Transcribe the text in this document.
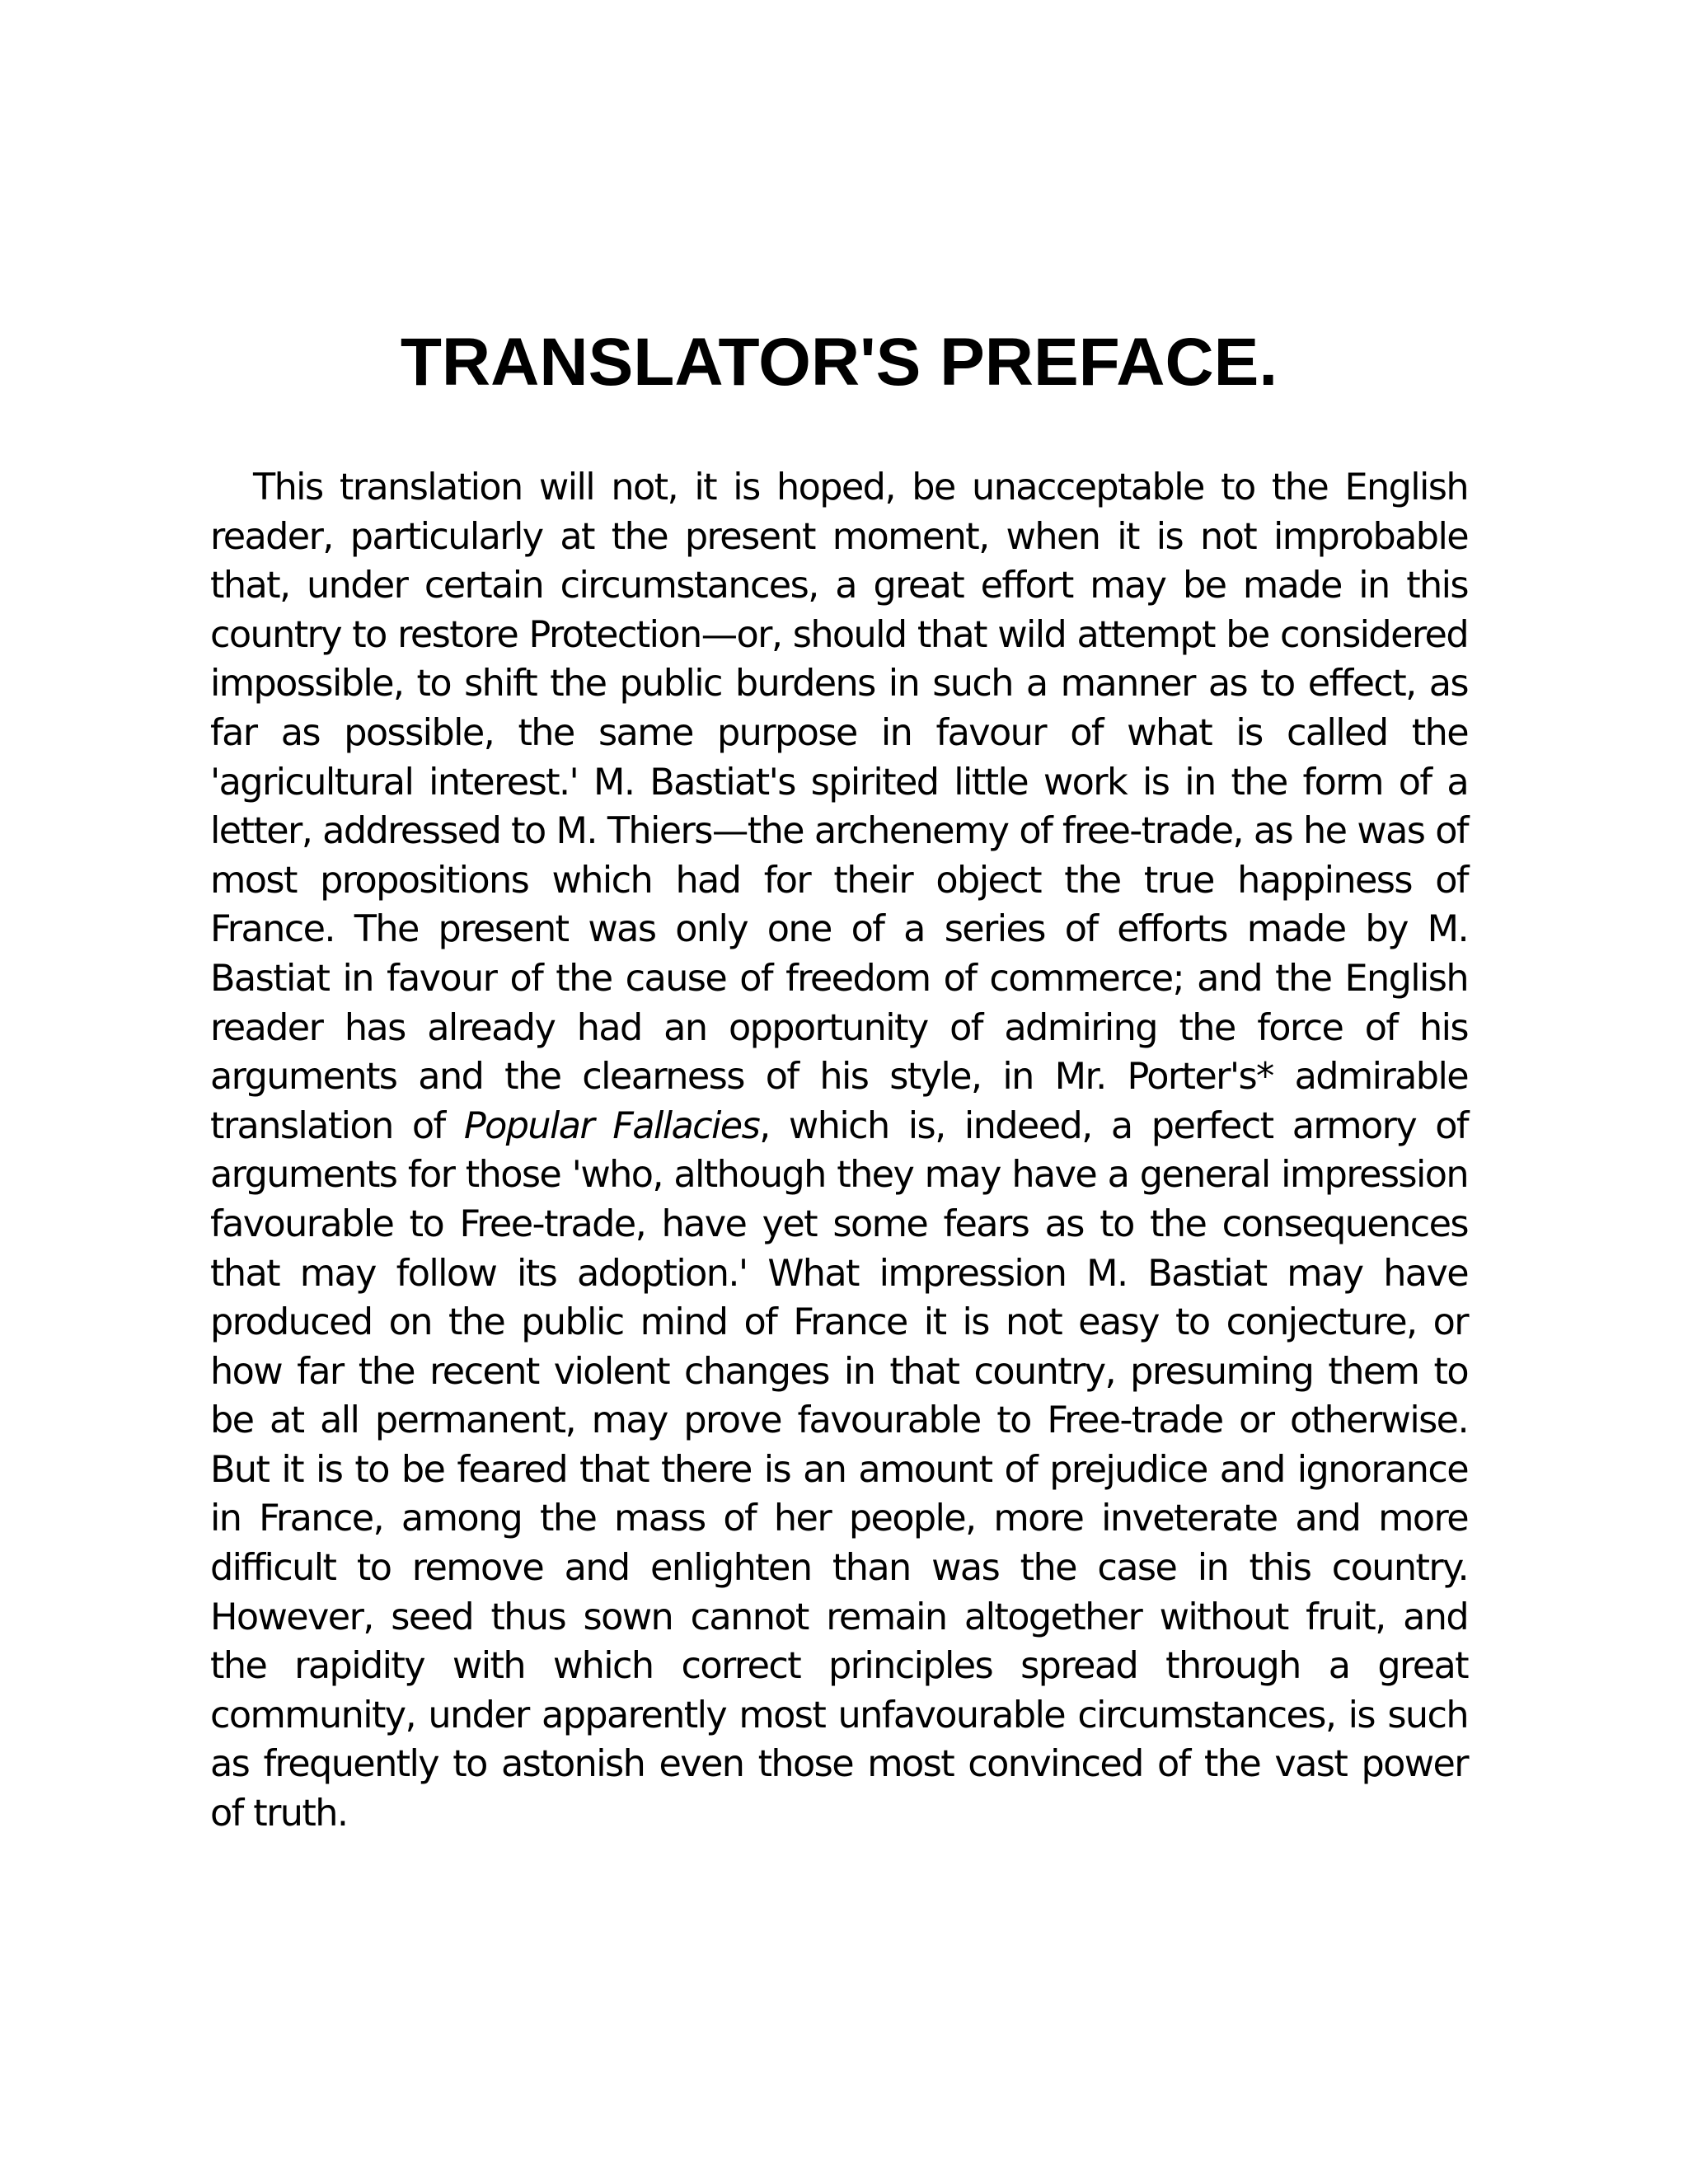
TRANSLATOR'S PREFACE.

This translation will not, it is hoped, be unacceptable to the English reader, particularly at the present moment, when it is not improbable that, under certain circumstances, a great effort may be made in this country to restore Protection—or, should that wild attempt be considered impossible, to shift the public burdens in such a manner as to effect, as far as possible, the same purpose in favour of what is called the 'agricultural interest.' M. Bastiat's spirited little work is in the form of a letter, addressed to M. Thiers—the archenemy of free-trade, as he was of most propositions which had for their object the true happiness of France. The present was only one of a series of efforts made by M. Bastiat in favour of the cause of freedom of commerce; and the English reader has already had an opportunity of admiring the force of his arguments and the clearness of his style, in Mr. Porter's* admirable translation of Popular Fallacies, which is, indeed, a perfect armory of arguments for those 'who, although they may have a general impression favourable to Free-trade, have yet some fears as to the consequences that may follow its adoption.' What impression M. Bastiat may have produced on the public mind of France it is not easy to conjecture, or how far the recent violent changes in that country, presuming them to be at all permanent, may prove favourable to Free-trade or otherwise. But it is to be feared that there is an amount of prejudice and ignorance in France, among the mass of her people, more inveterate and more difficult to remove and enlighten than was the case in this country. However, seed thus sown cannot remain altogether without fruit, and the rapidity with which correct principles spread through a great community, under apparently most unfavourable circumstances, is such as frequently to astonish even those most convinced of the vast power of truth.
